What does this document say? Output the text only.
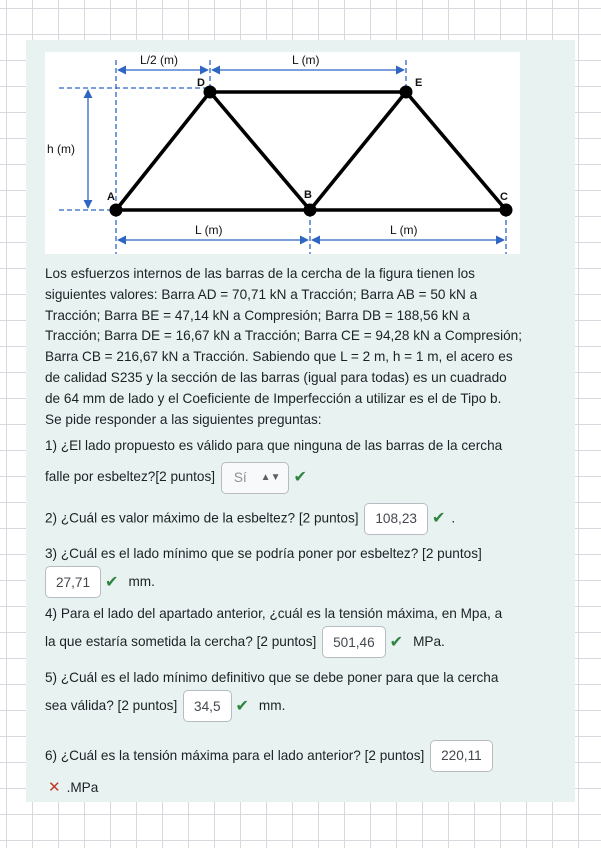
L/2 (m)	L (m)
h (m)
L (m)	L (m)
A	B	C
D	E
Los esfuerzos internos de las barras de la cercha de la figura tienen los
siguientes valores: Barra AD = 70,71 kN a Tracción; Barra AB = 50 kN a
Tracción; Barra BE = 47,14 kN a Compresión; Barra DB = 188,56 kN a
Tracción; Barra DE = 16,67 kN a Tracción; Barra CE = 94,28 kN a Compresión;
Barra CB = 216,67 kN a Tracción. Sabiendo que L = 2 m, h = 1 m, el acero es
de calidad S235 y la sección de las barras (igual para todas) es un cuadrado
de 64 mm de lado y el Coeficiente de Imperfección a utilizar es el de Tipo b.
Se pide responder a las siguientes preguntas:
1) ¿El lado propuesto es válido para que ninguna de las barras de la cercha
falle por esbeltez?[2 puntos] Sí ▲▼ ✔
2) ¿Cuál es valor máximo de la esbeltez? [2 puntos] 108,23 ✔ .
3) ¿Cuál es el lado mínimo que se podría poner por esbeltez? [2 puntos]
27,71 ✔ mm.
4) Para el lado del apartado anterior, ¿cuál es la tensión máxima, en Mpa, a
la que estaría sometida la cercha? [2 puntos] 501,46 ✔ MPa.
5) ¿Cuál es el lado mínimo definitivo que se debe poner para que la cercha
sea válida? [2 puntos] 34,5 ✔ mm.
6) ¿Cuál es la tensión máxima para el lado anterior? [2 puntos] 220,11
✕ .MPa
